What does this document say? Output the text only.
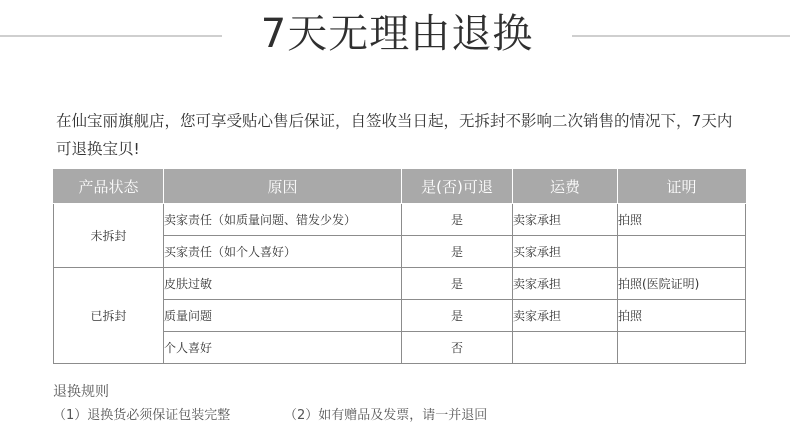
7天无理由退换
在仙宝丽旗舰店，您可享受贴心售后保证，自签收当日起，无拆封不影响二次销售的情况下，7天内可退换宝贝!
产品状态	原因	是(否)可退	运费	证明
未拆封	卖家责任（如质量问题、错发少发）	是	卖家承担	拍照
	买家责任（如个人喜好）	是	买家承担	
已拆封	皮肤过敏	是	卖家承担	拍照(医院证明)
	质量问题	是	卖家承担	拍照
	个人喜好	否		
退换规则
（1）退换货必须保证包装完整	（2）如有赠品及发票，请一并退回
